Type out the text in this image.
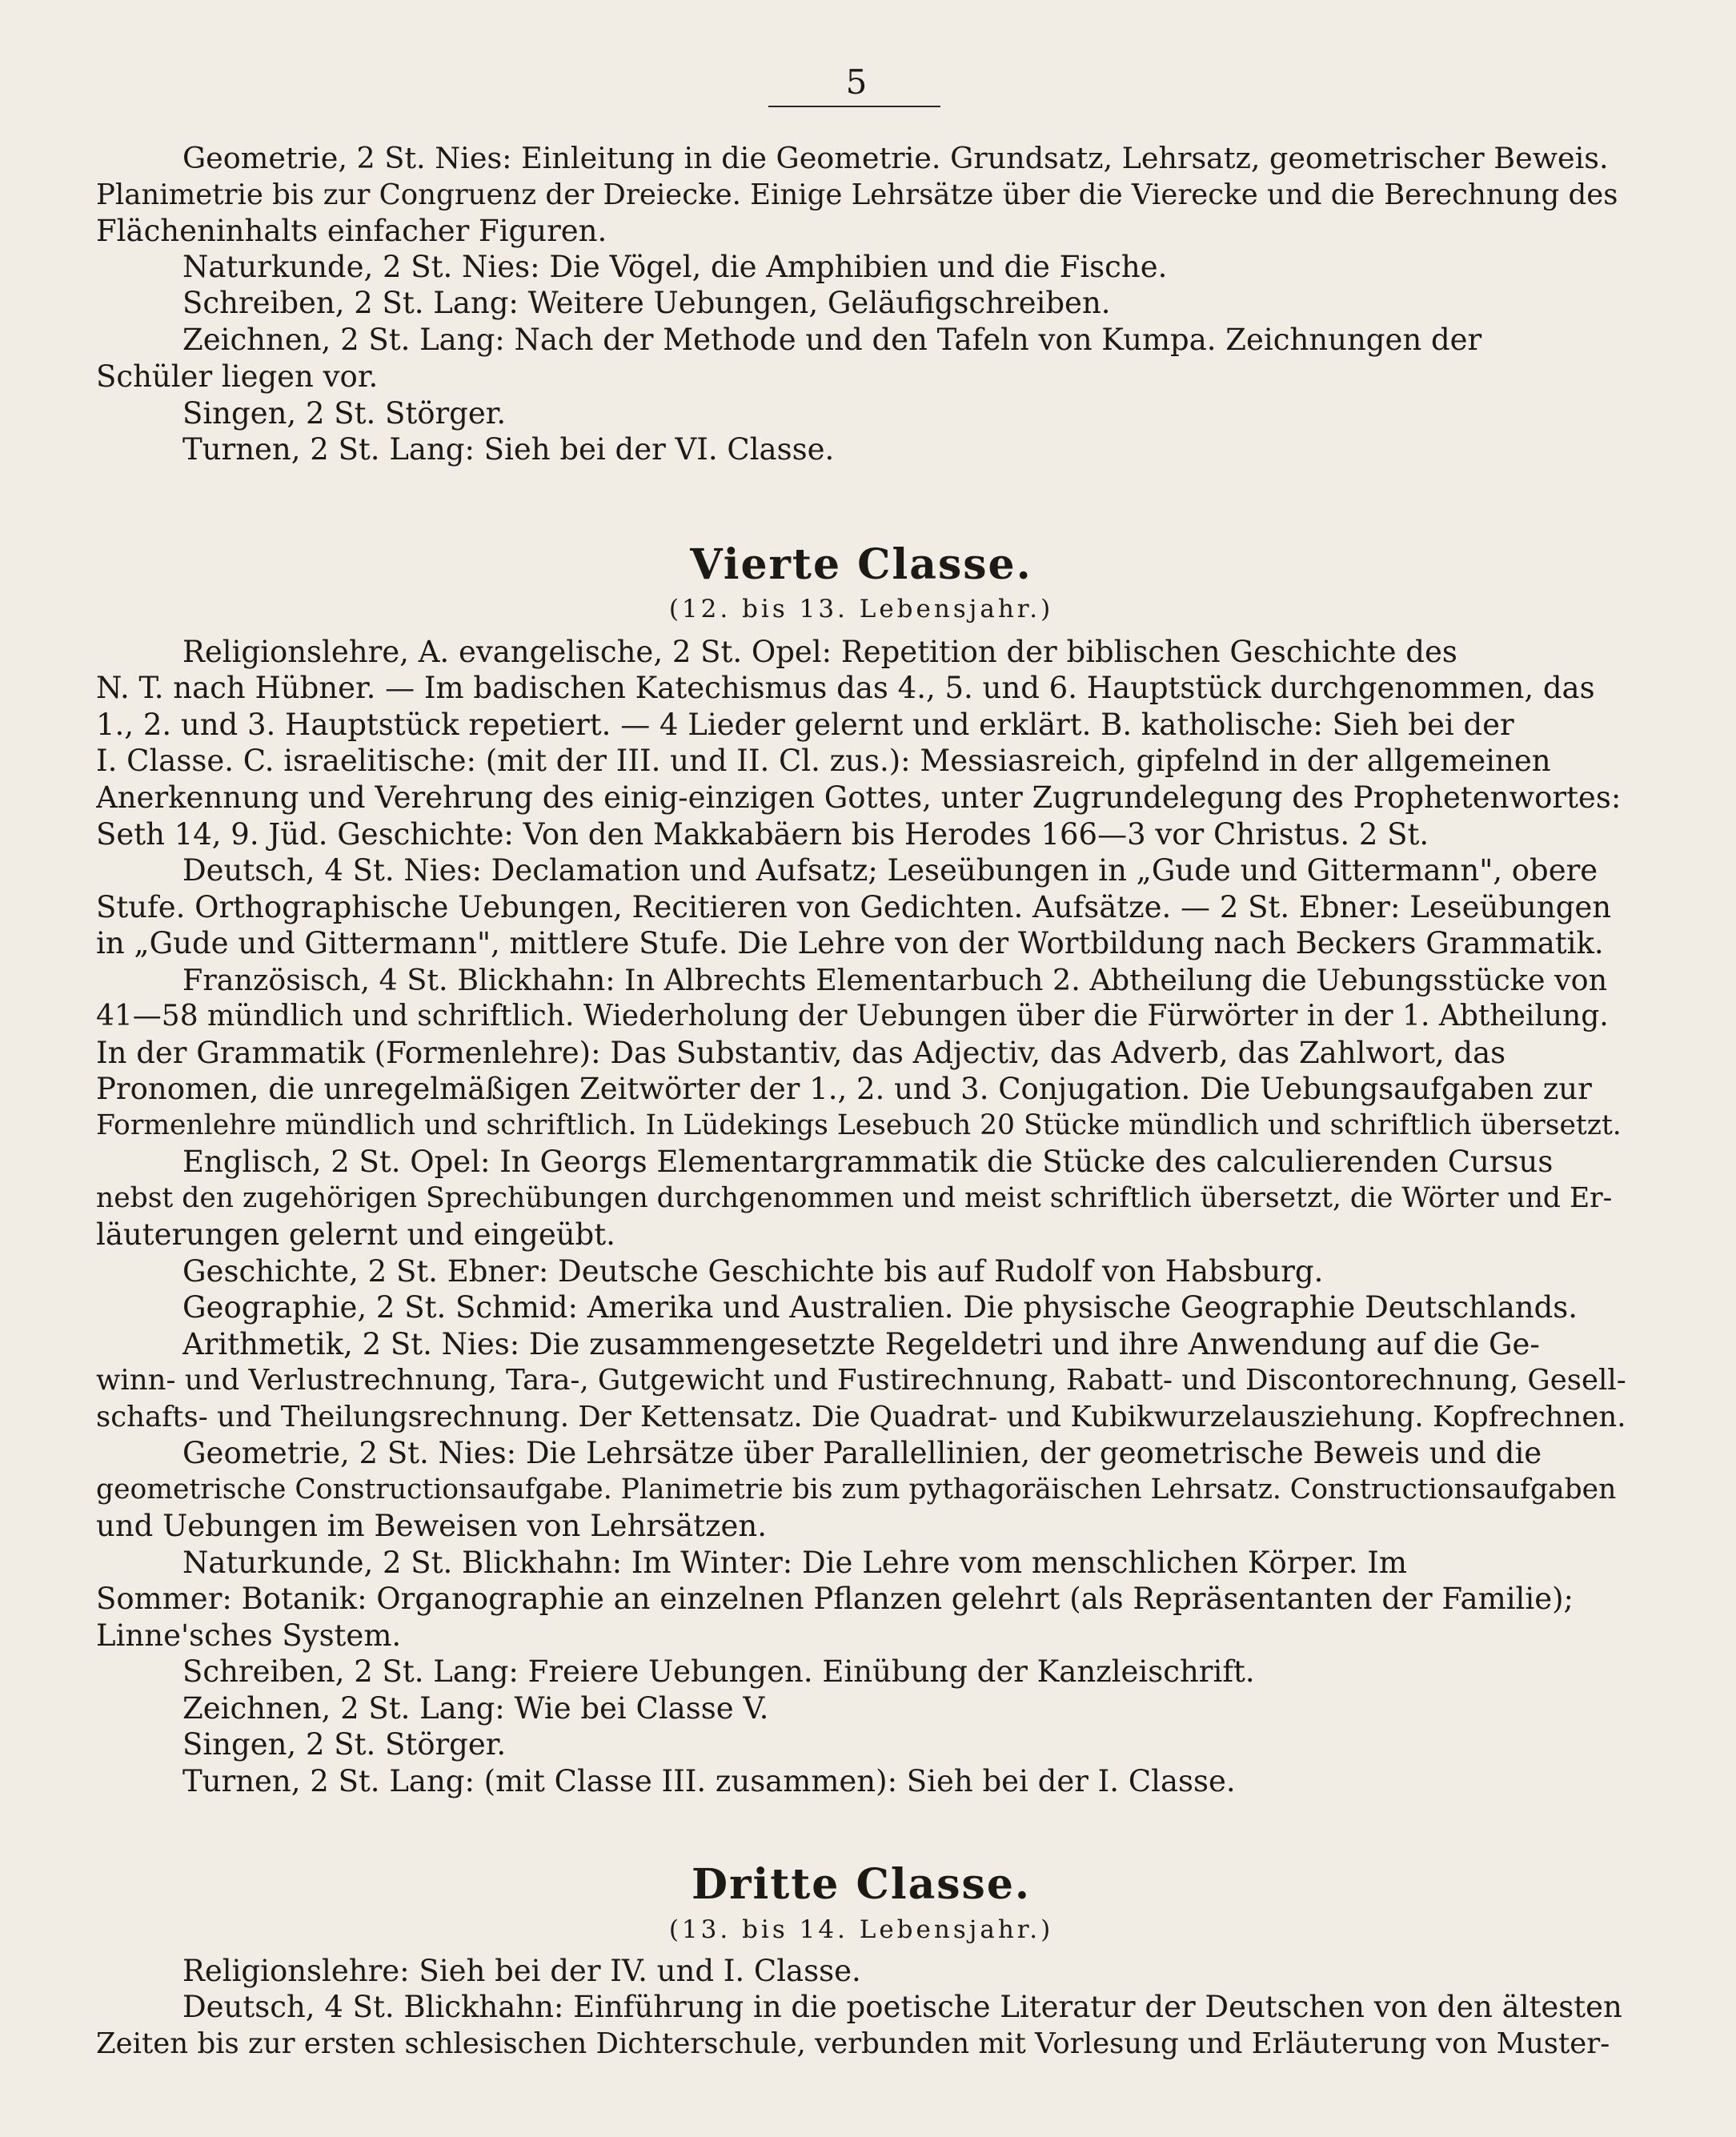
5
Geometrie, 2 St. Nies: Einleitung in die Geometrie. Grundsatz, Lehrsatz, geometrischer Beweis.
Planimetrie bis zur Congruenz der Dreiecke. Einige Lehrsätze über die Vierecke und die Berechnung des
Flächeninhalts einfacher Figuren.
Naturkunde, 2 St. Nies: Die Vögel, die Amphibien und die Fische.
Schreiben, 2 St. Lang: Weitere Uebungen, Geläufigschreiben.
Zeichnen, 2 St. Lang: Nach der Methode und den Tafeln von Kumpa. Zeichnungen der
Schüler liegen vor.
Singen, 2 St. Störger.
Turnen, 2 St. Lang: Sieh bei der VI. Classe.
Vierte Classe.
(12. bis 13. Lebensjahr.)
Religionslehre, A. evangelische, 2 St. Opel: Repetition der biblischen Geschichte des
N. T. nach Hübner. — Im badischen Katechismus das 4., 5. und 6. Hauptstück durchgenommen, das
1., 2. und 3. Hauptstück repetiert. — 4 Lieder gelernt und erklärt. B. katholische: Sieh bei der
I. Classe. C. israelitische: (mit der III. und II. Cl. zus.): Messiasreich, gipfelnd in der allgemeinen
Anerkennung und Verehrung des einig-einzigen Gottes, unter Zugrundelegung des Prophetenwortes:
Seth 14, 9. Jüd. Geschichte: Von den Makkabäern bis Herodes 166—3 vor Christus. 2 St.
Deutsch, 4 St. Nies: Declamation und Aufsatz; Leseübungen in „Gude und Gittermann", obere
Stufe. Orthographische Uebungen, Recitieren von Gedichten. Aufsätze. — 2 St. Ebner: Leseübungen
in „Gude und Gittermann", mittlere Stufe. Die Lehre von der Wortbildung nach Beckers Grammatik.
Französisch, 4 St. Blickhahn: In Albrechts Elementarbuch 2. Abtheilung die Uebungsstücke von
41—58 mündlich und schriftlich. Wiederholung der Uebungen über die Fürwörter in der 1. Abtheilung.
In der Grammatik (Formenlehre): Das Substantiv, das Adjectiv, das Adverb, das Zahlwort, das
Pronomen, die unregelmäßigen Zeitwörter der 1., 2. und 3. Conjugation. Die Uebungsaufgaben zur
Formenlehre mündlich und schriftlich. In Lüdekings Lesebuch 20 Stücke mündlich und schriftlich übersetzt.
Englisch, 2 St. Opel: In Georgs Elementargrammatik die Stücke des calculierenden Cursus
nebst den zugehörigen Sprechübungen durchgenommen und meist schriftlich übersetzt, die Wörter und Er-
läuterungen gelernt und eingeübt.
Geschichte, 2 St. Ebner: Deutsche Geschichte bis auf Rudolf von Habsburg.
Geographie, 2 St. Schmid: Amerika und Australien. Die physische Geographie Deutschlands.
Arithmetik, 2 St. Nies: Die zusammengesetzte Regeldetri und ihre Anwendung auf die Ge-
winn- und Verlustrechnung, Tara-, Gutgewicht und Fustirechnung, Rabatt- und Discontorechnung, Gesell-
schafts- und Theilungsrechnung. Der Kettensatz. Die Quadrat- und Kubikwurzelausziehung. Kopfrechnen.
Geometrie, 2 St. Nies: Die Lehrsätze über Parallellinien, der geometrische Beweis und die
geometrische Constructionsaufgabe. Planimetrie bis zum pythagoräischen Lehrsatz. Constructionsaufgaben
und Uebungen im Beweisen von Lehrsätzen.
Naturkunde, 2 St. Blickhahn: Im Winter: Die Lehre vom menschlichen Körper. Im
Sommer: Botanik: Organographie an einzelnen Pflanzen gelehrt (als Repräsentanten der Familie);
Linne'sches System.
Schreiben, 2 St. Lang: Freiere Uebungen. Einübung der Kanzleischrift.
Zeichnen, 2 St. Lang: Wie bei Classe V.
Singen, 2 St. Störger.
Turnen, 2 St. Lang: (mit Classe III. zusammen): Sieh bei der I. Classe.
Dritte Classe.
(13. bis 14. Lebensjahr.)
Religionslehre: Sieh bei der IV. und I. Classe.
Deutsch, 4 St. Blickhahn: Einführung in die poetische Literatur der Deutschen von den ältesten
Zeiten bis zur ersten schlesischen Dichterschule, verbunden mit Vorlesung und Erläuterung von Muster-
